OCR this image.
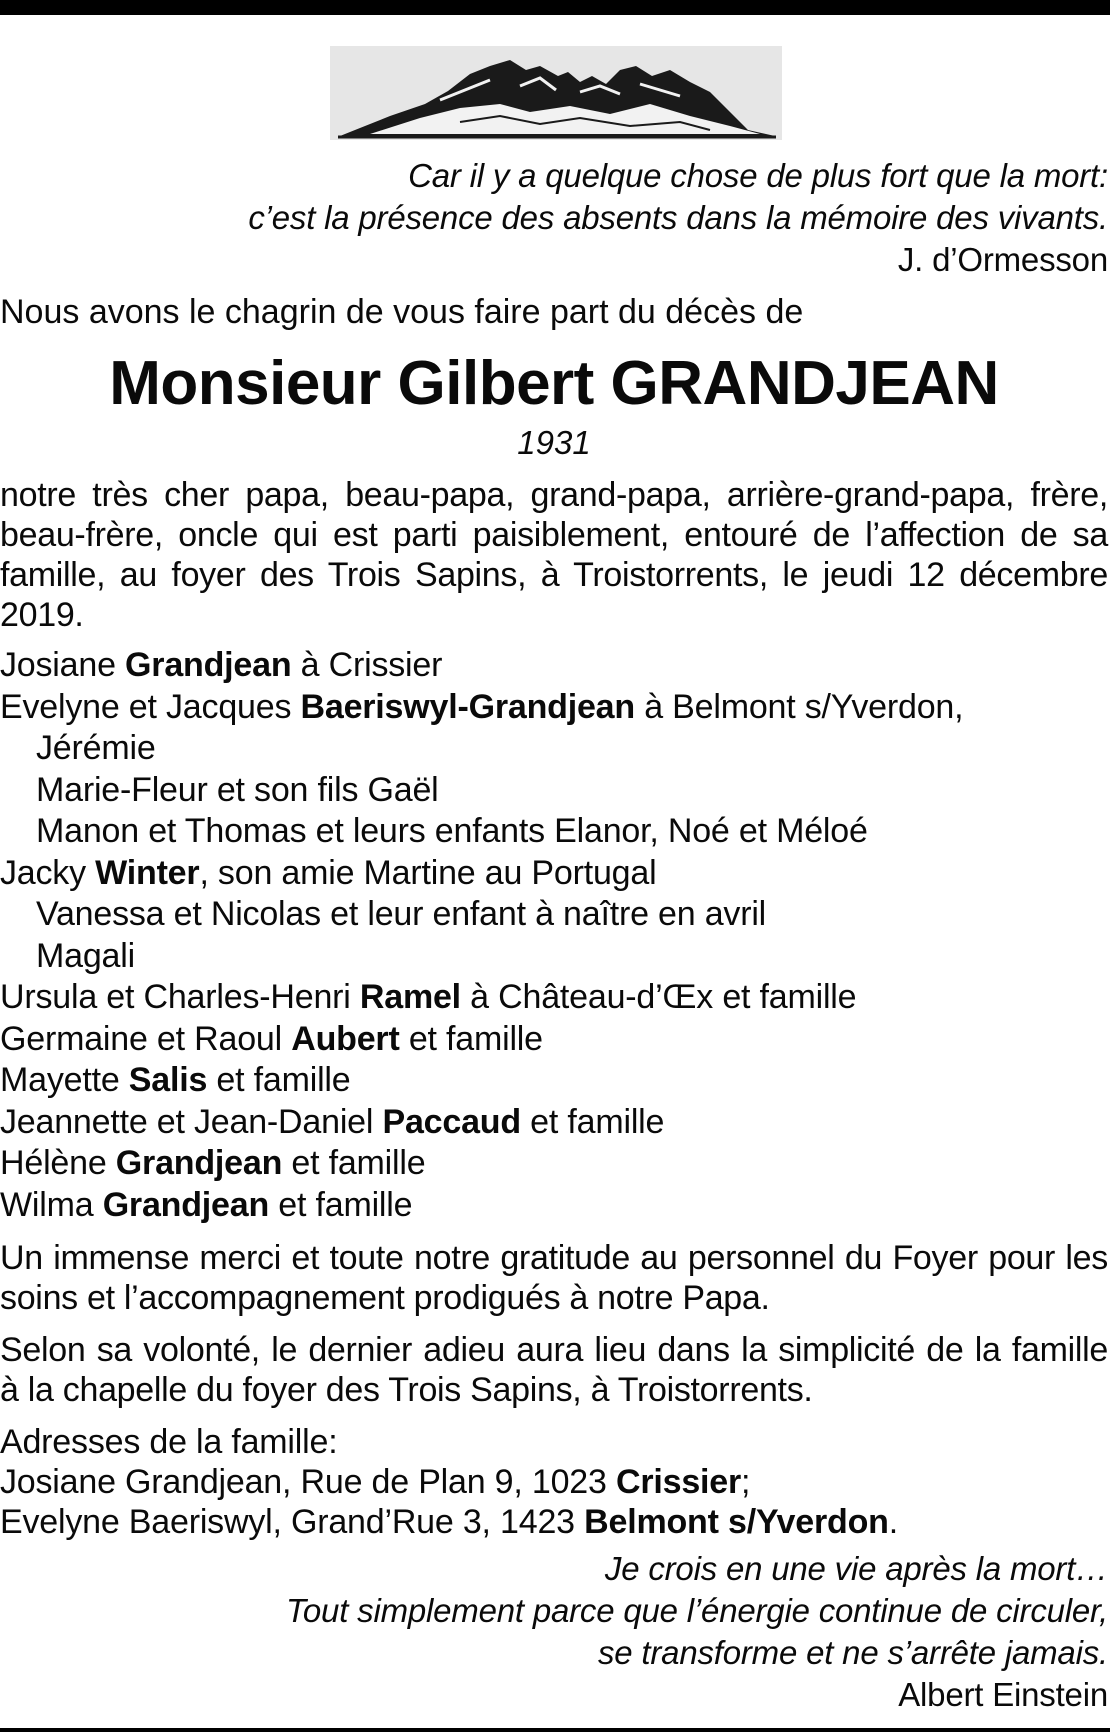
Car il y a quelque chose de plus fort que la mort:
c’est la présence des absents dans la mémoire des vivants.
J. d’Ormesson
Nous avons le chagrin de vous faire part du décès de
Monsieur Gilbert GRANDJEAN
1931
notre très cher papa, beau-papa, grand-papa, arrière-grand-papa, frère, beau-frère, oncle qui est parti paisiblement, entouré de l’affection de sa famille, au foyer des Trois Sapins, à Troistorrents, le jeudi 12 décembre 2019.
Josiane Grandjean à Crissier
Evelyne et Jacques Baeriswyl-Grandjean à Belmont s/Yverdon,
Jérémie
Marie-Fleur et son fils Gaël
Manon et Thomas et leurs enfants Elanor, Noé et Méloé
Jacky Winter, son amie Martine au Portugal
Vanessa et Nicolas et leur enfant à naître en avril
Magali
Ursula et Charles-Henri Ramel à Château-d’Œx et famille
Germaine et Raoul Aubert et famille
Mayette Salis et famille
Jeannette et Jean-Daniel Paccaud et famille
Hélène Grandjean et famille
Wilma Grandjean et famille
Un immense merci et toute notre gratitude au personnel du Foyer pour les soins et l’accompagnement prodigués à notre Papa.
Selon sa volonté, le dernier adieu aura lieu dans la simplicité de la famille à la chapelle du foyer des Trois Sapins, à Troistorrents.
Adresses de la famille:
Josiane Grandjean, Rue de Plan 9, 1023 Crissier;
Evelyne Baeriswyl, Grand’Rue 3, 1423 Belmont s/Yverdon.
Je crois en une vie après la mort…
Tout simplement parce que l’énergie continue de circuler,
se transforme et ne s’arrête jamais.
Albert Einstein
